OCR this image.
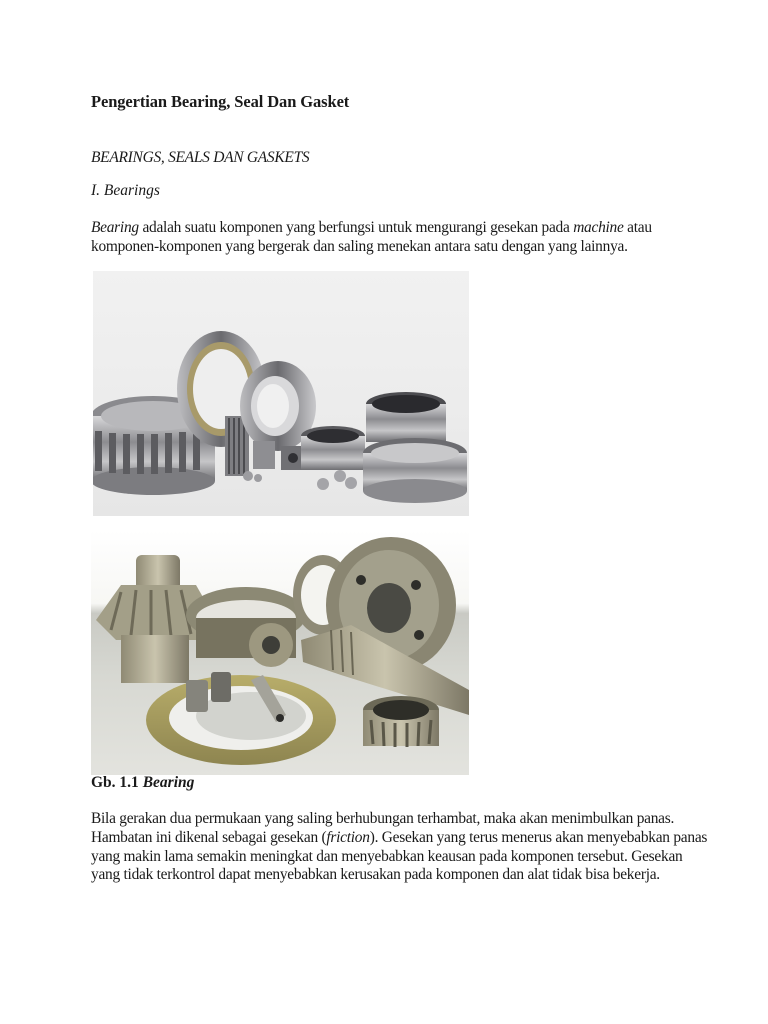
Pengertian Bearing, Seal Dan Gasket

BEARINGS, SEALS DAN GASKETS

I. Bearings

Bearing adalah suatu komponen yang berfungsi untuk mengurangi gesekan pada machine atau komponen-komponen yang bergerak dan saling menekan antara satu dengan yang lainnya.

Gb. 1.1 Bearing

Bila gerakan dua permukaan yang saling berhubungan terhambat, maka akan menimbulkan panas. Hambatan ini dikenal sebagai gesekan (friction). Gesekan yang terus menerus akan menyebabkan panas yang makin lama semakin meningkat dan menyebabkan keausan pada komponen tersebut. Gesekan yang tidak terkontrol dapat menyebabkan kerusakan pada komponen dan alat tidak bisa bekerja.
